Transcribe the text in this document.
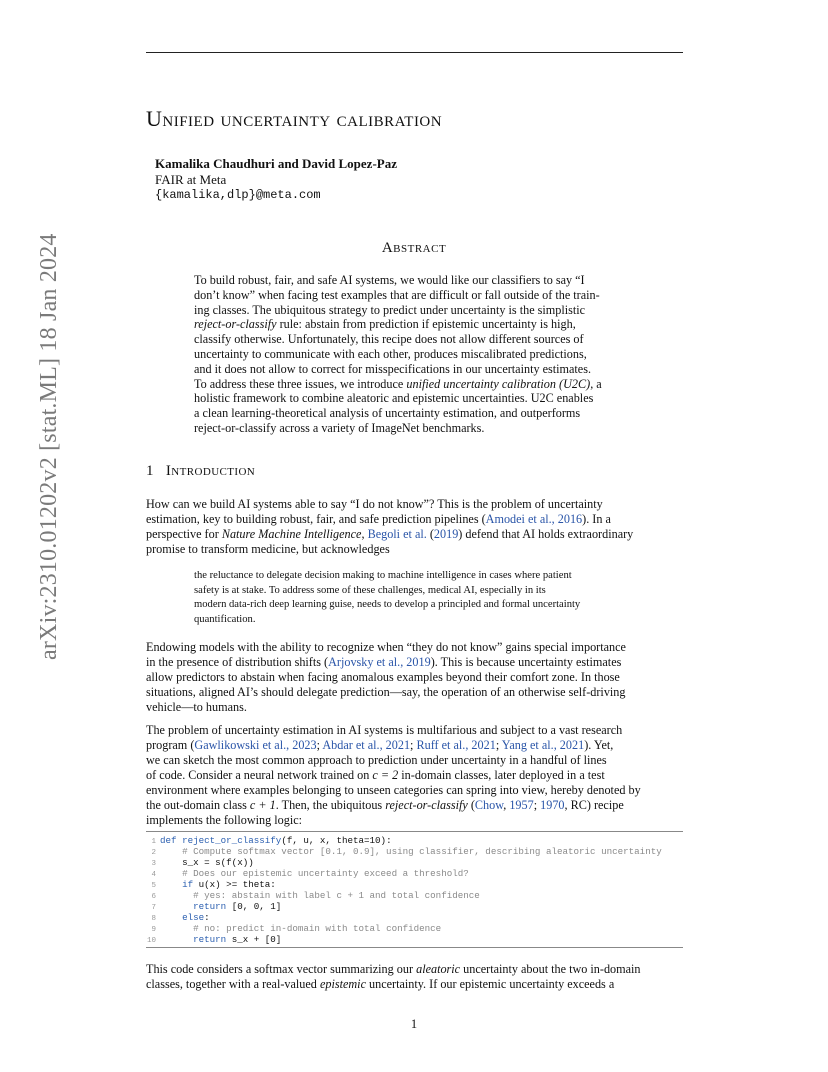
arXiv:2310.01202v2 [stat.ML] 18 Jan 2024
Unified uncertainty calibration
Kamalika Chaudhuri and David Lopez-Paz
FAIR at Meta
{kamalika,dlp}@meta.com
Abstract

To build robust, fair, and safe AI systems, we would like our classifiers to say “I
don’t know” when facing test examples that are difficult or fall outside of the train-
ing classes. The ubiquitous strategy to predict under uncertainty is the simplistic
reject-or-classify rule: abstain from prediction if epistemic uncertainty is high,
classify otherwise. Unfortunately, this recipe does not allow different sources of
uncertainty to communicate with each other, produces miscalibrated predictions,
and it does not allow to correct for misspecifications in our uncertainty estimates.
To address these three issues, we introduce unified uncertainty calibration (U2C), a
holistic framework to combine aleatoric and epistemic uncertainties. U2C enables
a clean learning-theoretical analysis of uncertainty estimation, and outperforms
reject-or-classify across a variety of ImageNet benchmarks.

1 Introduction

How can we build AI systems able to say “I do not know”? This is the problem of uncertainty
estimation, key to building robust, fair, and safe prediction pipelines (Amodei et al., 2016). In a
perspective for Nature Machine Intelligence, Begoli et al. (2019) defend that AI holds extraordinary
promise to transform medicine, but acknowledges

the reluctance to delegate decision making to machine intelligence in cases where patient
safety is at stake. To address some of these challenges, medical AI, especially in its
modern data-rich deep learning guise, needs to develop a principled and formal uncertainty
quantification.

Endowing models with the ability to recognize when “they do not know” gains special importance
in the presence of distribution shifts (Arjovsky et al., 2019). This is because uncertainty estimates
allow predictors to abstain when facing anomalous examples beyond their comfort zone. In those
situations, aligned AI’s should delegate prediction—say, the operation of an otherwise self-driving
vehicle—to humans.

The problem of uncertainty estimation in AI systems is multifarious and subject to a vast research
program (Gawlikowski et al., 2023; Abdar et al., 2021; Ruff et al., 2021; Yang et al., 2021). Yet,
we can sketch the most common approach to prediction under uncertainty in a handful of lines
of code. Consider a neural network trained on c = 2 in-domain classes, later deployed in a test
environment where examples belonging to unseen categories can spring into view, hereby denoted by
the out-domain class c + 1. Then, the ubiquitous reject-or-classify (Chow, 1957; 1970, RC) recipe
implements the following logic:

1 def reject_or_classify(f, u, x, theta=10):
2	# Compute softmax vector [0.1, 0.9], using classifier, describing aleatoric uncertainty
3	s_x = s(f(x))
4	# Does our epistemic uncertainty exceed a threshold?
5	if u(x) >= theta:
6	# yes: abstain with label c + 1 and total confidence
7	return [0, 0, 1]
8	else:
9	# no: predict in-domain with total confidence
10	return s_x + [0]

This code considers a softmax vector summarizing our aleatoric uncertainty about the two in-domain
classes, together with a real-valued epistemic uncertainty. If our epistemic uncertainty exceeds a

1
